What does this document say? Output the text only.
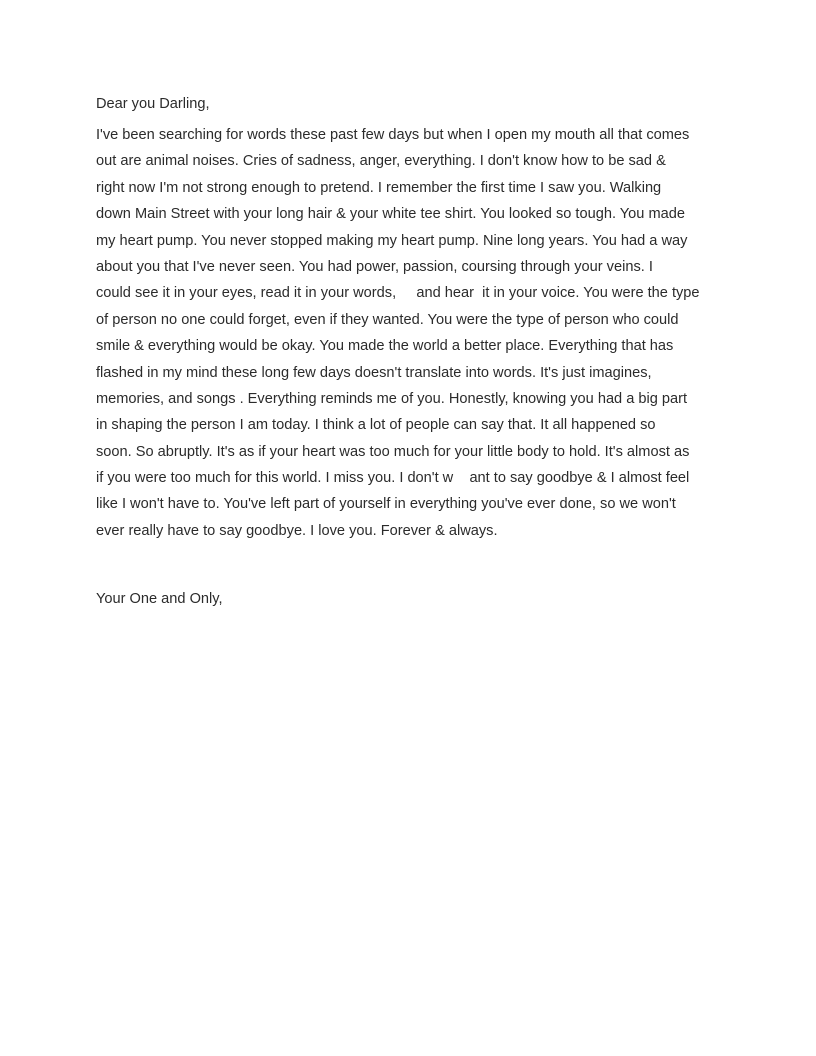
Dear you Darling,
I've been searching for words these past few days but when I open my mouth all that comes
out are animal noises. Cries of sadness, anger, everything. I don't know how to be sad &
right now I'm not strong enough to pretend. I remember the first time I saw you. Walking
down Main Street with your long hair & your white tee shirt. You looked so tough. You made
my heart pump. You never stopped making my heart pump. Nine long years. You had a way
about you that I've never seen. You had power, passion, coursing through your veins. I
could see it in your eyes, read it in your words,     and hear  it in your voice. You were the type
of person no one could forget, even if they wanted. You were the type of person who could
smile & everything would be okay. You made the world a better place. Everything that has
flashed in my mind these long few days doesn't translate into words. It's just imagines,
memories, and songs . Everything reminds me of you. Honestly, knowing you had a big part
in shaping the person I am today. I think a lot of people can say that. It all happened so
soon. So abruptly. It's as if your heart was too much for your little body to hold. It's almost as
if you were too much for this world. I miss you. I don't w    ant to say goodbye & I almost feel
like I won't have to. You've left part of yourself in everything you've ever done, so we won't
ever really have to say goodbye. I love you. Forever & always.
Your One and Only,
